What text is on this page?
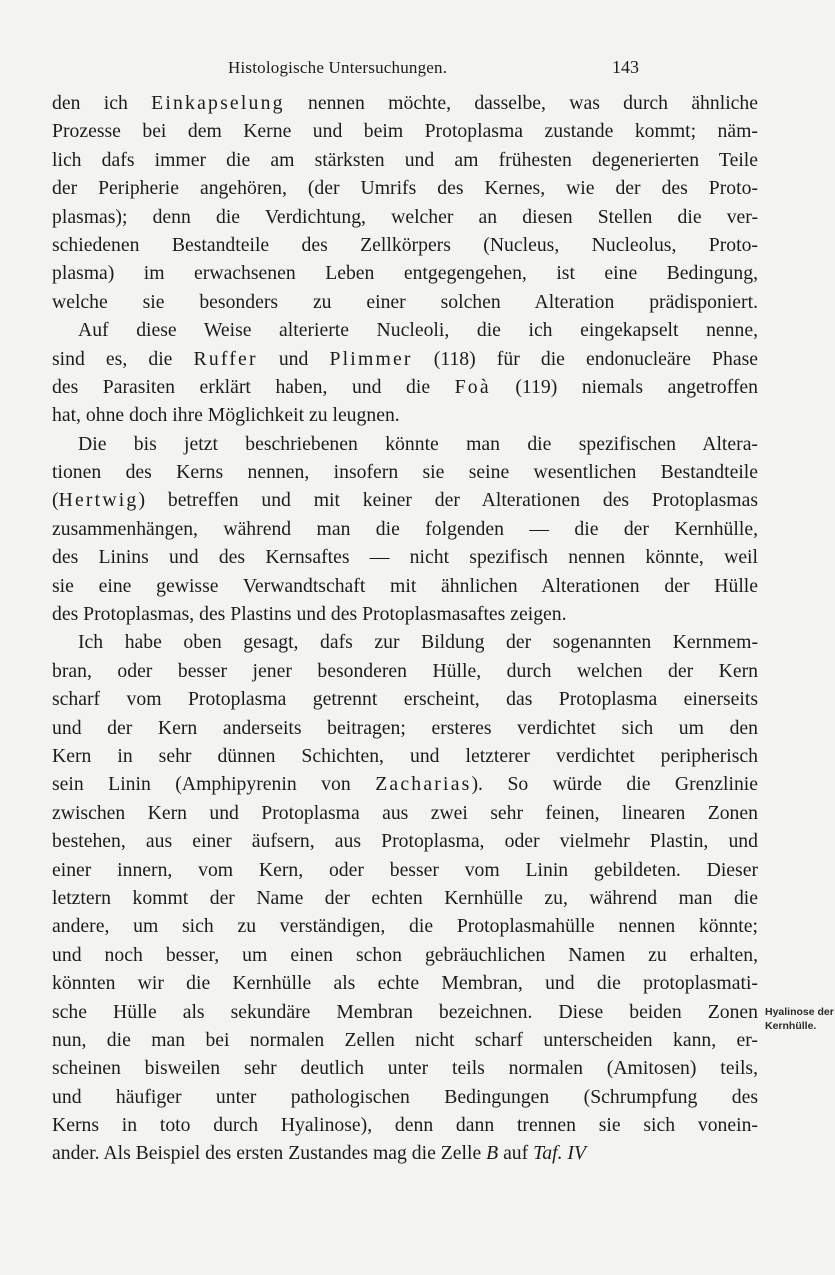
Histologische Untersuchungen.	143
den ich Einkapselung nennen möchte, dasselbe, was durch ähnliche
Prozesse bei dem Kerne und beim Protoplasma zustande kommt; näm-
lich dafs immer die am stärksten und am frühesten degenerierten Teile
der Peripherie angehören, (der Umrifs des Kernes, wie der des Proto-
plasmas); denn die Verdichtung, welcher an diesen Stellen die ver-
schiedenen Bestandteile des Zellkörpers (Nucleus, Nucleolus, Proto-
plasma) im erwachsenen Leben entgegengehen, ist eine Bedingung,
welche sie besonders zu einer solchen Alteration prädisponiert.
Auf diese Weise alterierte Nucleoli, die ich eingekapselt nenne,
sind es, die Ruffer und Plimmer (118) für die endonucleäre Phase
des Parasiten erklärt haben, und die Foà (119) niemals angetroffen
hat, ohne doch ihre Möglichkeit zu leugnen.
Die bis jetzt beschriebenen könnte man die spezifischen Altera-
tionen des Kerns nennen, insofern sie seine wesentlichen Bestandteile
(Hertwig) betreffen und mit keiner der Alterationen des Protoplasmas
zusammenhängen, während man die folgenden — die der Kernhülle,
des Linins und des Kernsaftes — nicht spezifisch nennen könnte, weil
sie eine gewisse Verwandtschaft mit ähnlichen Alterationen der Hülle
des Protoplasmas, des Plastins und des Protoplasmasaftes zeigen.
Ich habe oben gesagt, dafs zur Bildung der sogenannten Kernmem-
bran, oder besser jener besonderen Hülle, durch welchen der Kern
scharf vom Protoplasma getrennt erscheint, das Protoplasma einerseits
und der Kern anderseits beitragen; ersteres verdichtet sich um den
Kern in sehr dünnen Schichten, und letzterer verdichtet peripherisch
sein Linin (Amphipyrenin von Zacharias). So würde die Grenzlinie
zwischen Kern und Protoplasma aus zwei sehr feinen, linearen Zonen
bestehen, aus einer äufsern, aus Protoplasma, oder vielmehr Plastin, und
einer innern, vom Kern, oder besser vom Linin gebildeten. Dieser
letztern kommt der Name der echten Kernhülle zu, während man die
andere, um sich zu verständigen, die Protoplasmahülle nennen könnte;
und noch besser, um einen schon gebräuchlichen Namen zu erhalten,
könnten wir die Kernhülle als echte Membran, und die protoplasmati-
sche Hülle als sekundäre Membran bezeichnen. Diese beiden Zonen
nun, die man bei normalen Zellen nicht scharf unterscheiden kann, er-
scheinen bisweilen sehr deutlich unter teils normalen (Amitosen) teils,
und häufiger unter pathologischen Bedingungen (Schrumpfung des
Kerns in toto durch Hyalinose), denn dann trennen sie sich vonein-
ander. Als Beispiel des ersten Zustandes mag die Zelle B auf Taf. IV
Hyalinose der
Kernhülle.
